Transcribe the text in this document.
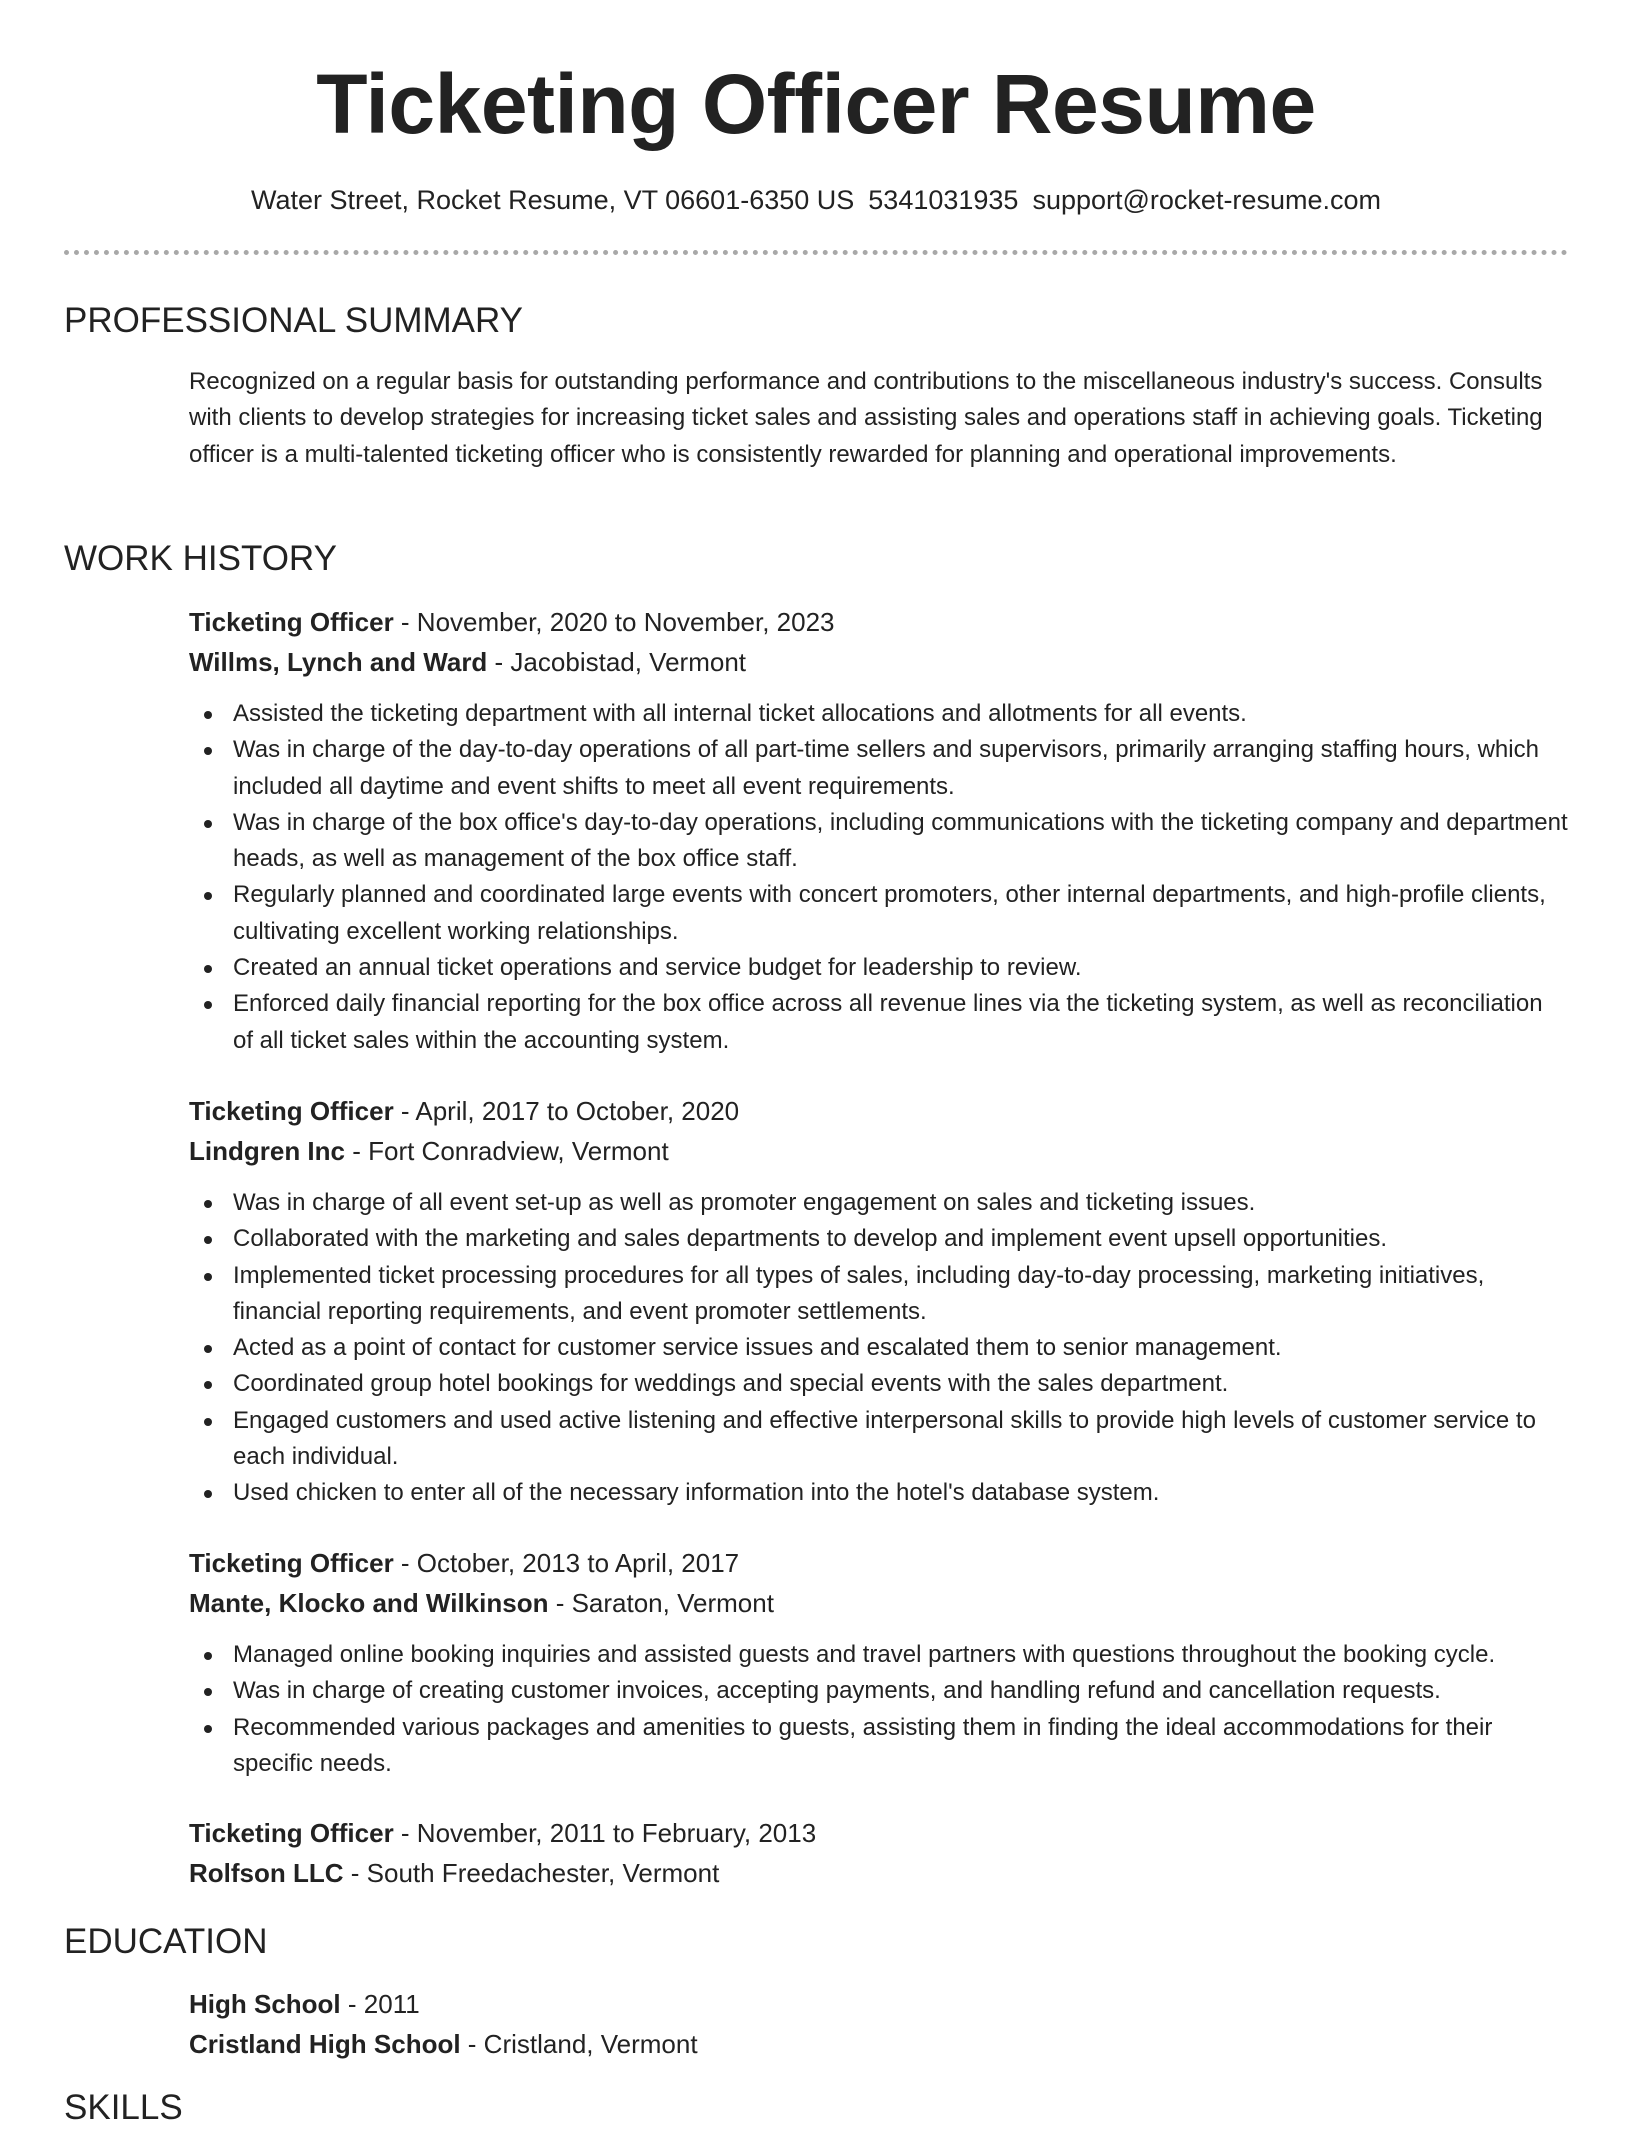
Ticketing Officer Resume
Water Street, Rocket Resume, VT 06601-6350 US 5341031935 support@rocket-resume.com
PROFESSIONAL SUMMARY

Recognized on a regular basis for outstanding performance and contributions to the miscellaneous industry's success. Consults with clients to develop strategies for increasing ticket sales and assisting sales and operations staff in achieving goals. Ticketing officer is a multi-talented ticketing officer who is consistently rewarded for planning and operational improvements.

WORK HISTORY

Ticketing Officer - November, 2020 to November, 2023

Willms, Lynch and Ward - Jacobistad, Vermont

Assisted the ticketing department with all internal ticket allocations and allotments for all events.
Was in charge of the day-to-day operations of all part-time sellers and supervisors, primarily arranging staffing hours, which included all daytime and event shifts to meet all event requirements.
Was in charge of the box office's day-to-day operations, including communications with the ticketing company and department heads, as well as management of the box office staff.
Regularly planned and coordinated large events with concert promoters, other internal departments, and high-profile clients, cultivating excellent working relationships.
Created an annual ticket operations and service budget for leadership to review.
Enforced daily financial reporting for the box office across all revenue lines via the ticketing system, as well as reconciliation of all ticket sales within the accounting system.

Ticketing Officer - April, 2017 to October, 2020

Lindgren Inc - Fort Conradview, Vermont

Was in charge of all event set-up as well as promoter engagement on sales and ticketing issues.
Collaborated with the marketing and sales departments to develop and implement event upsell opportunities.
Implemented ticket processing procedures for all types of sales, including day-to-day processing, marketing initiatives, financial reporting requirements, and event promoter settlements.
Acted as a point of contact for customer service issues and escalated them to senior management.
Coordinated group hotel bookings for weddings and special events with the sales department.
Engaged customers and used active listening and effective interpersonal skills to provide high levels of customer service to each individual.
Used chicken to enter all of the necessary information into the hotel's database system.

Ticketing Officer - October, 2013 to April, 2017

Mante, Klocko and Wilkinson - Saraton, Vermont

Managed online booking inquiries and assisted guests and travel partners with questions throughout the booking cycle.
Was in charge of creating customer invoices, accepting payments, and handling refund and cancellation requests.
Recommended various packages and amenities to guests, assisting them in finding the ideal accommodations for their specific needs.

Ticketing Officer - November, 2011 to February, 2013

Rolfson LLC - South Freedachester, Vermont

EDUCATION

High School - 2011

Cristland High School - Cristland, Vermont

SKILLS
